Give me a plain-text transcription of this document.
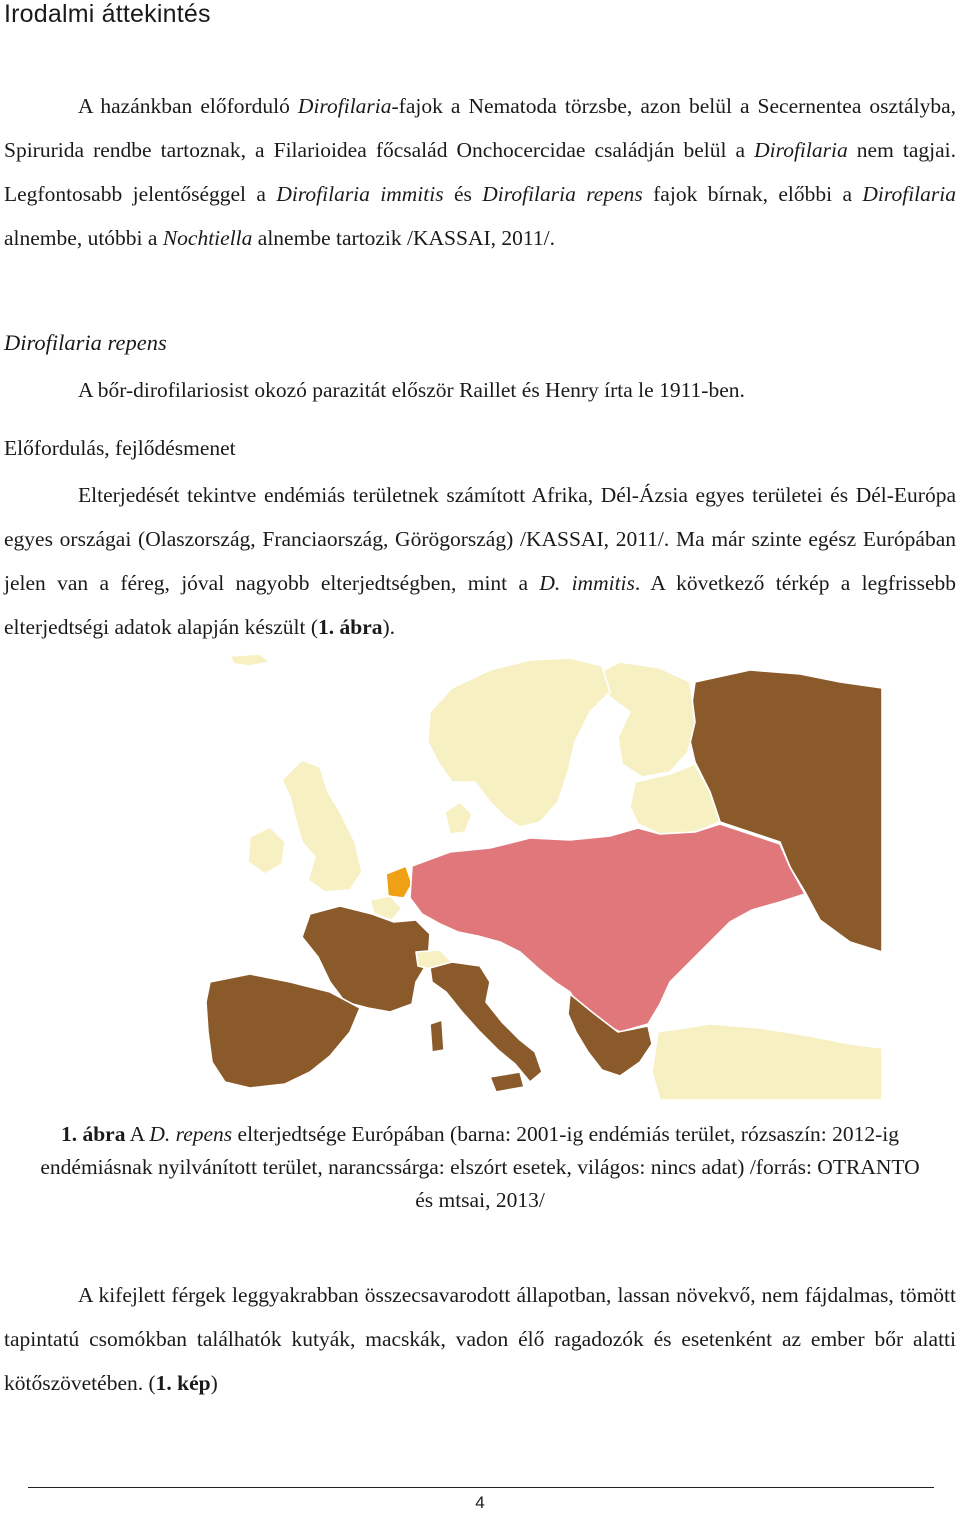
Irodalmi áttekintés

A hazánkban előforduló Dirofilaria-fajok a Nematoda törzsbe, azon belül a Secernentea osztályba, Spirurida rendbe tartoznak, a Filarioidea főcsalád Onchocercidae családján belül a Dirofilaria nem tagjai. Legfontosabb jelentőséggel a Dirofilaria immitis és Dirofilaria repens fajok bírnak, előbbi a Dirofilaria alnembe, utóbbi a Nochtiella alnembe tartozik /KASSAI, 2011/.

Dirofilaria repens
A bőr-dirofilariosist okozó parazitát először Raillet és Henry írta le 1911-ben.
Előfordulás, fejlődésmenet

Elterjedését tekintve endémiás területnek számított Afrika, Dél-Ázsia egyes területei és Dél-Európa egyes országai (Olaszország, Franciaország, Görögország) /KASSAI, 2011/. Ma már szinte egész Európában jelen van a féreg, jóval nagyobb elterjedtségben, mint a D. immitis. A következő térkép a legfrissebb elterjedtségi adatok alapján készült (1. ábra).

1. ábra A D. repens elterjedtsége Európában (barna: 2001-ig endémiás terület, rózsaszín: 2012-ig endémiásnak nyilvánított terület, narancssárga: elszórt esetek, világos: nincs adat) /forrás: OTRANTO és mtsai, 2013/

A kifejlett férgek leggyakrabban összecsavarodott állapotban, lassan növekvő, nem fájdalmas, tömött tapintatú csomókban találhatók kutyák, macskák, vadon élő ragadozók és esetenként az ember bőr alatti kötőszövetében. (1. kép)

4
